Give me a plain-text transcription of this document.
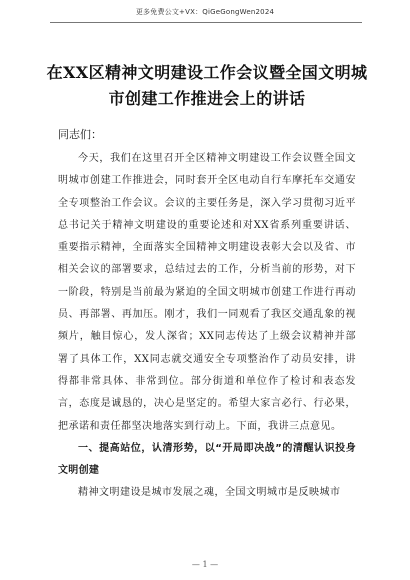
更多免费公文+VX：QiGeGongWen2024
在XX区精神文明建设工作会议暨全国文明城市创建工作推进会上的讲话
同志们：

今天，我们在这里召开全区精神文明建设工作会议暨全国文明城市创建工作推进会，同时套开全区电动自行车摩托车交通安全专项整治工作会议。会议的主要任务是，深入学习贯彻习近平总书记关于精神文明建设的重要论述和对XX省系列重要讲话、重要指示精神，全面落实全国精神文明建设表彰大会以及省、市相关会议的部署要求，总结过去的工作，分析当前的形势，对下一阶段，特别是当前最为紧迫的全国文明城市创建工作进行再动员、再部署、再加压。刚才，我们一同观看了我区交通乱象的视频片，触目惊心，发人深省；XX同志传达了上级会议精神并部署了具体工作，XX同志就交通安全专项整治作了动员安排，讲得都非常具体、非常到位。部分街道和单位作了检讨和表态发言，态度是诚恳的，决心是坚定的。希望大家言必行、行必果，把承诺和责任都坚决地落实到行动上。下面，我讲三点意见。

一、提高站位，认清形势，以“开局即决战”的清醒认识投身文明创建

精神文明建设是城市发展之魂，全国文明城市是反映城市

— 1 —
